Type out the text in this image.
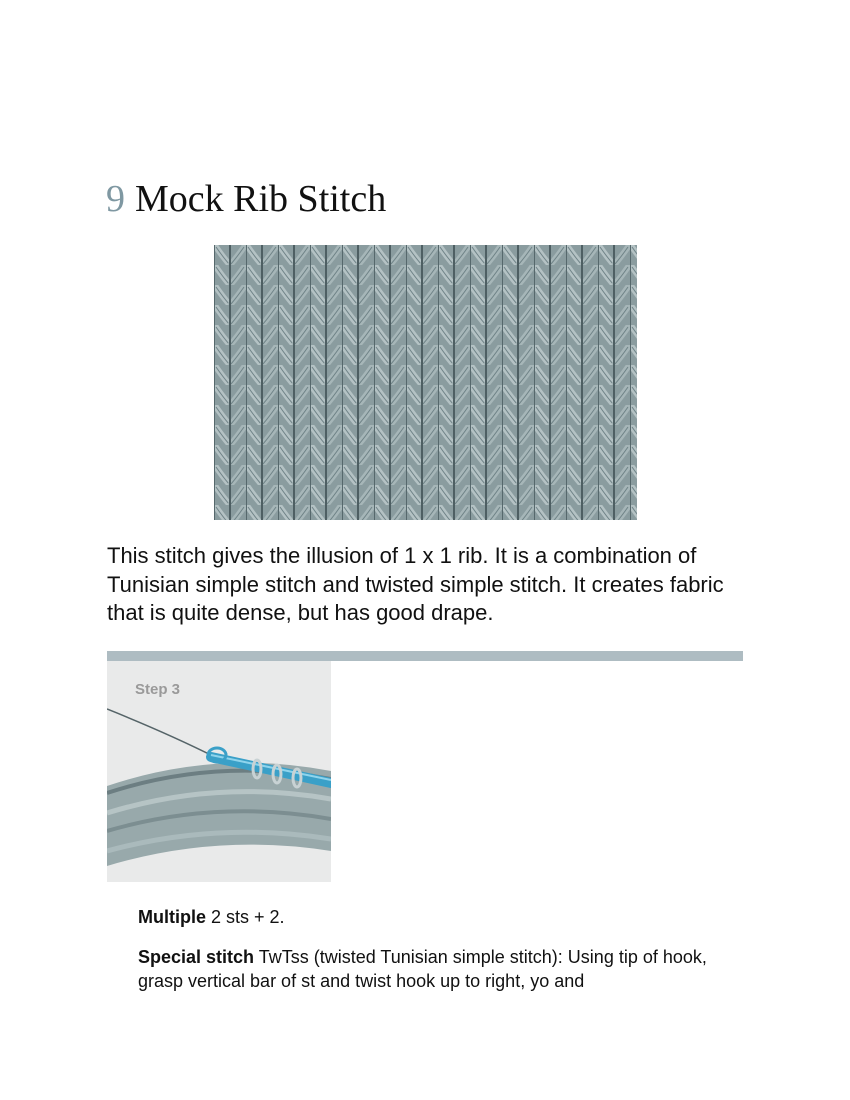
9 Mock Rib Stitch

This stitch gives the illusion of 1 x 1 rib. It is a combination of Tunisian simple stitch and twisted simple stitch. It creates fabric that is quite dense, but has good drape.

Step 3

Multiple 2 sts + 2.

Special stitch TwTss (twisted Tunisian simple stitch): Using tip of hook, grasp vertical bar of st and twist hook up to right, yo and
